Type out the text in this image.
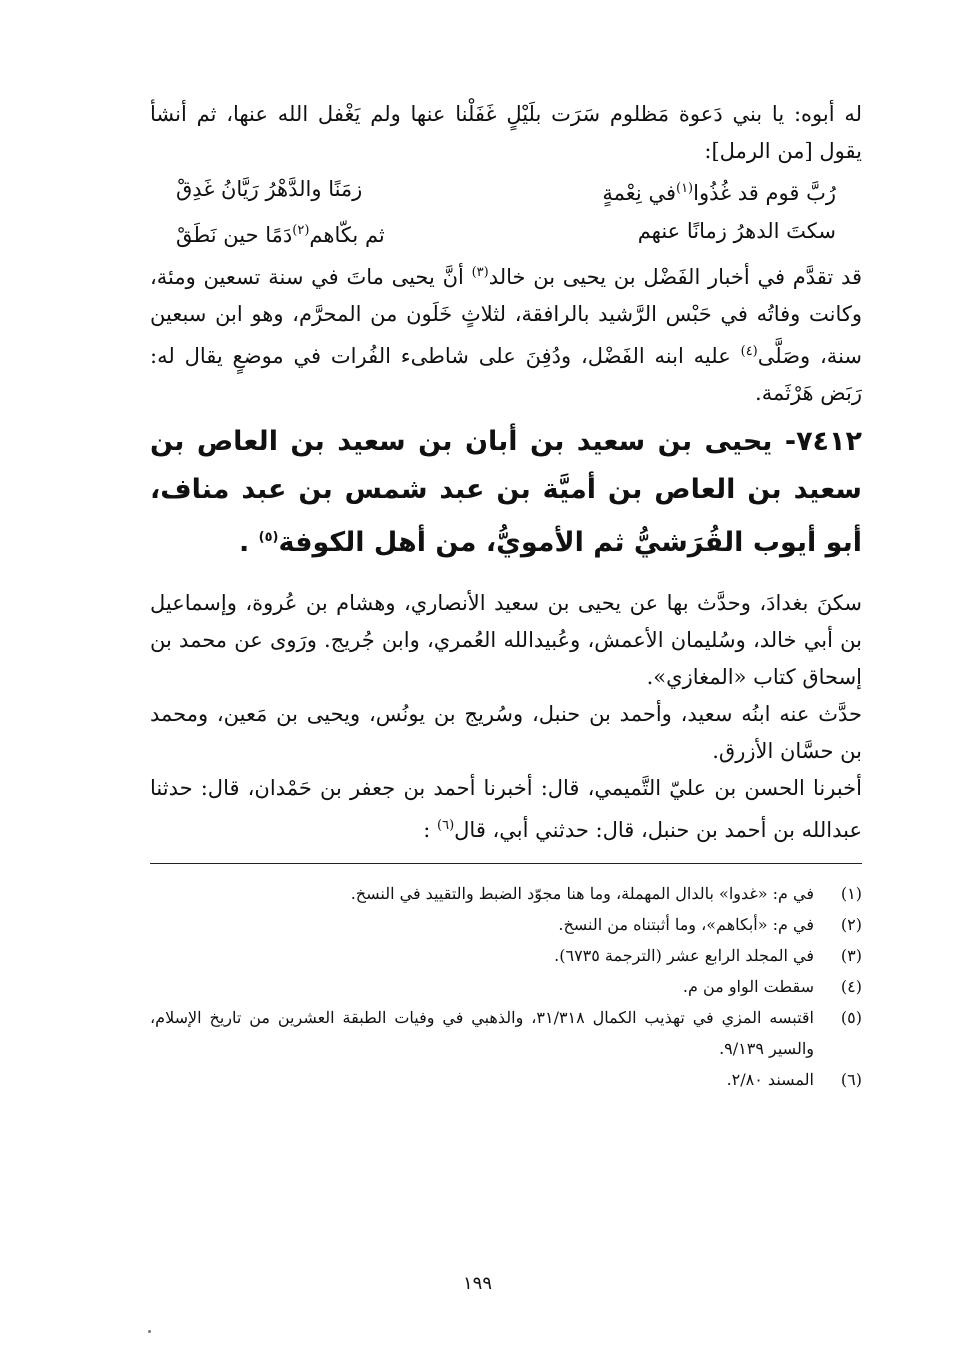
له أبوه: يا بني دَعوة مَظلوم سَرَت بلَيْلٍ غَفَلْنا عنها ولم يَغْفل الله عنها، ثم أنشأ يقول [من الرمل]:
رُبَّ قوم قد غُذُوا(١)في نِعْمةٍ
زمَنًا والدَّهْرُ رَيَّانُ غَدِقْ
سكتَ الدهرُ زمانًا عنهم
ثم بكّاهم(٢)دَمًا حين نَطَقْ
قد تقدَّم في أخبار الفَضْل بن يحيى بن خالد$^{(٣)}$ أنَّ يحيى ماتَ في سنة تسعين ومئة، وكانت وفاتُه في حَبْس الرَّشيد بالرافقة، لثلاثٍ خَلَون من المحرَّم، وهو ابن سبعين سنة، وصَلَّى$^{(٤)}$ عليه ابنه الفَضْل، ودُفِنَ على شاطىء الفُرات في موضعٍ يقال له: رَبَض هَرْثَمة.
٧٤١٢- يحيى بن سعيد بن أبان بن سعيد بن العاص بن سعيد بن العاص بن أميَّة بن عبد شمس بن عبد مناف، أبو أيوب القُرَشيُّ ثم الأمويُّ، من أهل الكوفة$^{(٥)}$ .
سكنَ بغدادَ، وحدَّث بها عن يحيى بن سعيد الأنصاري، وهشام بن عُروة، وإسماعيل بن أبي خالد، وسُليمان الأعمش، وعُبيدالله العُمري، وابن جُريج. ورَوى عن محمد بن إسحاق كتاب «المغازي».
حدَّث عنه ابنُه سعيد، وأحمد بن حنبل، وسُريج بن يونُس، ويحيى بن مَعين، ومحمد بن حسَّان الأزرق.
أخبرنا الحسن بن عليّ التَّميمي، قال: أخبرنا أحمد بن جعفر بن حَمْدان، قال: حدثنا عبدالله بن أحمد بن حنبل، قال: حدثني أبي، قال$^{(٦)}$ :
(١)
في م: «غدوا» بالدال المهملة، وما هنا مجوّد الضبط والتقييد في النسخ.
(٢)
في م: «أبكاهم»، وما أثبتناه من النسخ.
(٣)
في المجلد الرابع عشر (الترجمة ٦٧٣٥).
(٤)
سقطت الواو من م.
(٥)
اقتبسه المزي في تهذيب الكمال ٣١/٣١٨، والذهبي في وفيات الطبقة العشرين من تاريخ الإسلام، والسير ٩/١٣٩.
(٦)
المسند ٢/٨٠.
١٩٩
